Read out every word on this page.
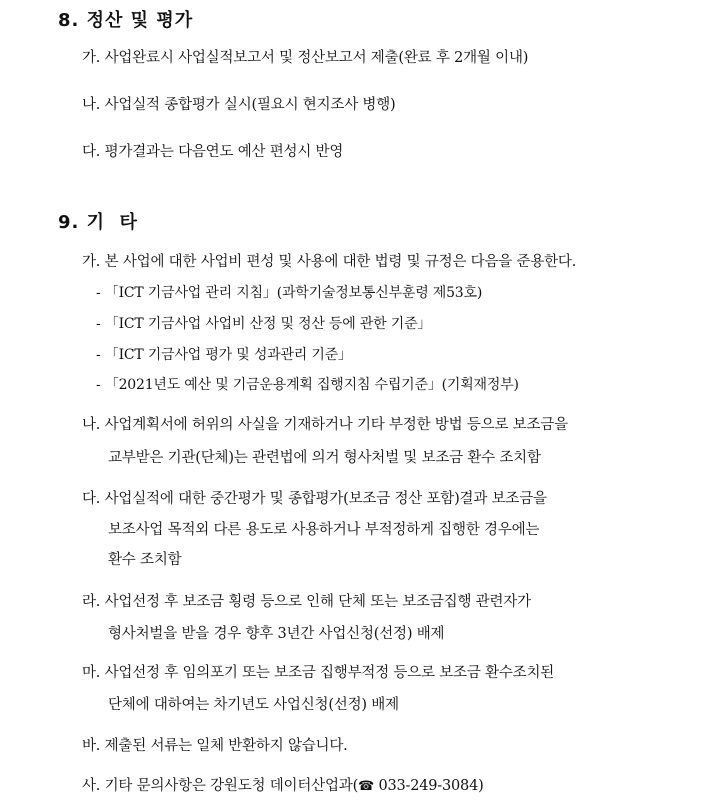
8. 정산 및 평가
가. 사업완료시 사업실적보고서 및 정산보고서 제출(완료 후 2개월 이내)
나. 사업실적 종합평가 실시(필요시 현지조사 병행)
다. 평가결과는 다음연도 예산 편성시 반영
9. 기  타
가. 본 사업에 대한 사업비 편성 및 사용에 대한 법령 및 규정은 다음을 준용한다.
- 「ICT 기금사업 관리 지침」(과학기술정보통신부훈령 제53호)
- 「ICT 기금사업 사업비 산정 및 정산 등에 관한 기준」
- 「ICT 기금사업 평가 및 성과관리 기준」
- 「2021년도 예산 및 기금운용계획 집행지침 수립기준」(기획재정부)
나. 사업계획서에 허위의 사실을 기재하거나 기타 부정한 방법 등으로 보조금을
교부받은 기관(단체)는 관련법에 의거 형사처벌 및 보조금 환수 조치함
다. 사업실적에 대한 중간평가 및 종합평가(보조금 정산 포함)결과 보조금을
보조사업 목적외 다른 용도로 사용하거나 부적정하게 집행한 경우에는
환수 조치함
라. 사업선정 후 보조금 횡령 등으로 인해 단체 또는 보조금집행 관련자가
형사처벌을 받을 경우 향후 3년간 사업신청(선정) 배제
마. 사업선정 후 임의포기 또는 보조금 집행부적정 등으로 보조금 환수조치된
단체에 대하여는 차기년도 사업신청(선정) 배제
바. 제출된 서류는 일체 반환하지 않습니다.
사. 기타 문의사항은 강원도청 데이터산업과(☎ 033-249-3084)
